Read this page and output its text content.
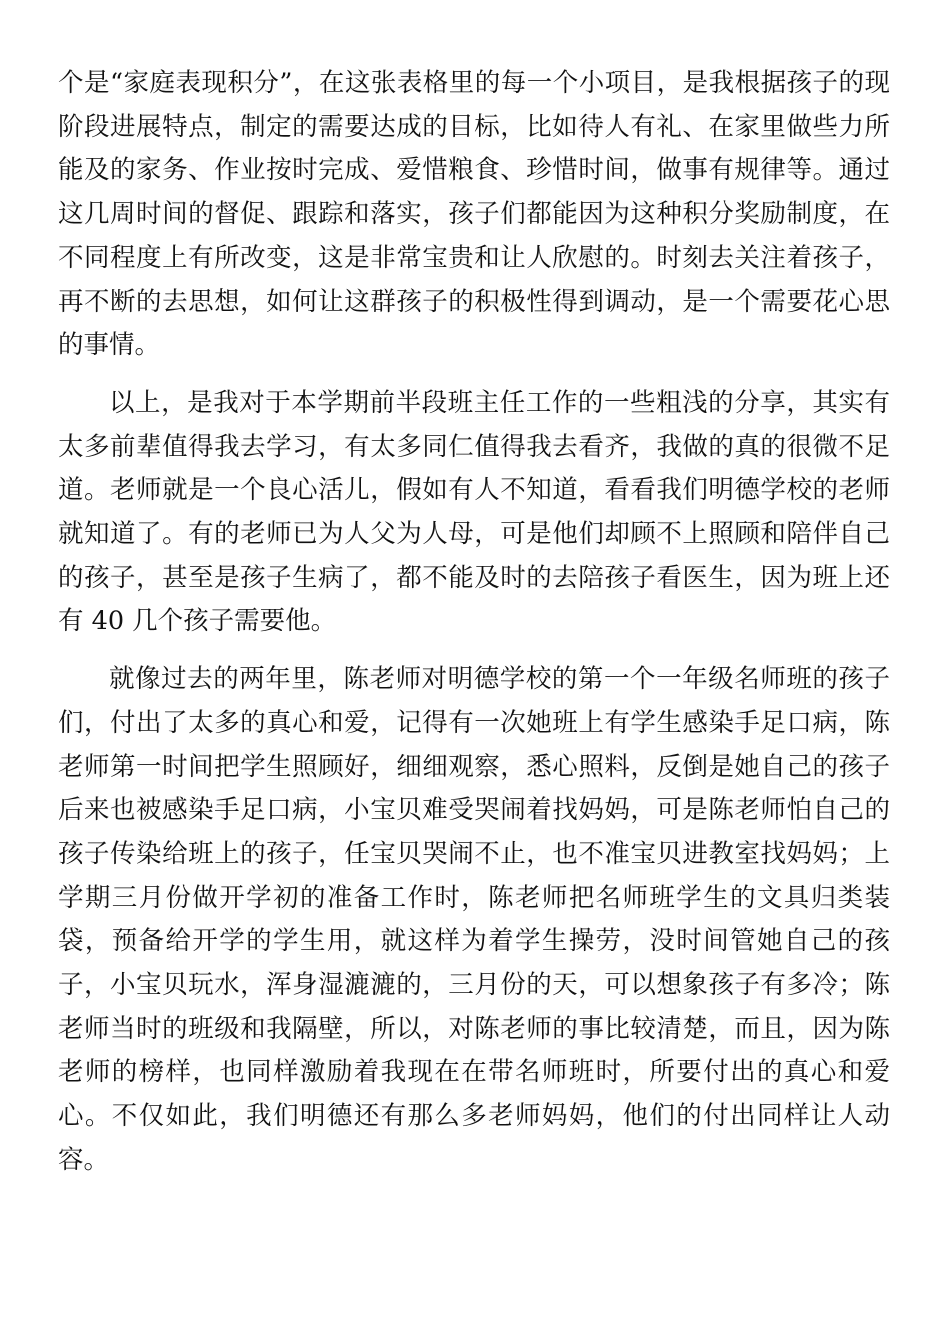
个是“家庭表现积分”，在这张表格里的每一个小项目，是我根据孩子的现阶段进展特点，制定的需要达成的目标，比如待人有礼、在家里做些力所能及的家务、作业按时完成、爱惜粮食、珍惜时间，做事有规律等。通过这几周时间的督促、跟踪和落实，孩子们都能因为这种积分奖励制度，在不同程度上有所改变，这是非常宝贵和让人欣慰的。时刻去关注着孩子，再不断的去思想，如何让这群孩子的积极性得到调动，是一个需要花心思的事情。

以上，是我对于本学期前半段班主任工作的一些粗浅的分享，其实有太多前辈值得我去学习，有太多同仁值得我去看齐，我做的真的很微不足道。老师就是一个良心活儿，假如有人不知道，看看我们明德学校的老师就知道了。有的老师已为人父为人母，可是他们却顾不上照顾和陪伴自己的孩子，甚至是孩子生病了，都不能及时的去陪孩子看医生，因为班上还有 40 几个孩子需要他。

就像过去的两年里，陈老师对明德学校的第一个一年级名师班的孩子们，付出了太多的真心和爱，记得有一次她班上有学生感染手足口病，陈老师第一时间把学生照顾好，细细观察，悉心照料，反倒是她自己的孩子后来也被感染手足口病，小宝贝难受哭闹着找妈妈，可是陈老师怕自己的孩子传染给班上的孩子，任宝贝哭闹不止，也不准宝贝进教室找妈妈；上学期三月份做开学初的准备工作时，陈老师把名师班学生的文具归类装袋，预备给开学的学生用，就这样为着学生操劳，没时间管她自己的孩子，小宝贝玩水，浑身湿漉漉的，三月份的天，可以想象孩子有多冷；陈老师当时的班级和我隔壁，所以，对陈老师的事比较清楚，而且，因为陈老师的榜样，也同样激励着我现在在带名师班时，所要付出的真心和爱心。不仅如此，我们明德还有那么多老师妈妈，他们的付出同样让人动容。
